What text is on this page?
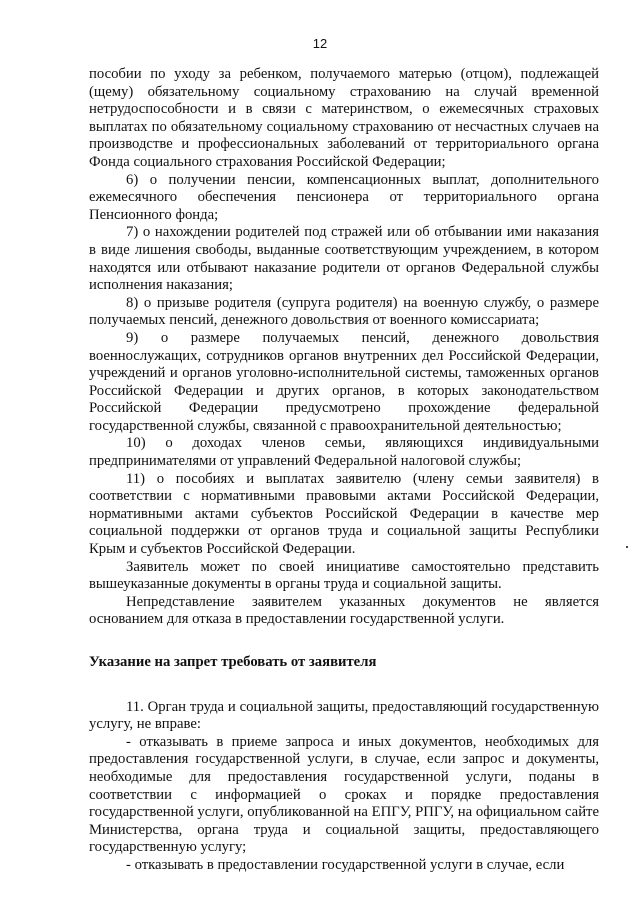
12

пособии по уходу за ребенком, получаемого матерью (отцом), подлежащей (щему) обязательному социальному страхованию на случай временной нетрудоспособности и в связи с материнством, о ежемесячных страховых выплатах по обязательному социальному страхованию от несчастных случаев на производстве и профессиональных заболеваний от территориального органа Фонда социального страхования Российской Федерации;

6) о получении пенсии, компенсационных выплат, дополнительного ежемесячного обеспечения пенсионера от территориального органа Пенсионного фонда;

7) о нахождении родителей под стражей или об отбывании ими наказания в виде лишения свободы, выданные соответствующим учреждением, в котором находятся или отбывают наказание родители от органов Федеральной службы исполнения наказания;

8) о призыве родителя (супруга родителя) на военную службу, о размере получаемых пенсий, денежного довольствия от военного комиссариата;

9) о размере получаемых пенсий, денежного довольствия военнослужащих, сотрудников органов внутренних дел Российской Федерации, учреждений и органов уголовно-исполнительной системы, таможенных органов Российской Федерации и других органов, в которых законодательством Российской Федерации предусмотрено прохождение федеральной государственной службы, связанной с правоохранительной деятельностью;

10) о доходах членов семьи, являющихся индивидуальными предпринимателями от управлений Федеральной налоговой службы;

11) о пособиях и выплатах заявителю (члену семьи заявителя) в соответствии с нормативными правовыми актами Российской Федерации, нормативными актами субъектов Российской Федерации в качестве мер социальной поддержки от органов труда и социальной защиты Республики Крым и субъектов Российской Федерации.

Заявитель может по своей инициативе самостоятельно представить вышеуказанные документы в органы труда и социальной защиты.

Непредставление заявителем указанных документов не является основанием для отказа в предоставлении государственной услуги.

Указание на запрет требовать от заявителя

11. Орган труда и социальной защиты, предоставляющий государственную услугу, не вправе:

- отказывать в приеме запроса и иных документов, необходимых для предоставления государственной услуги, в случае, если запрос и документы, необходимые для предоставления государственной услуги, поданы в соответствии с информацией о сроках и порядке предоставления государственной услуги, опубликованной на ЕПГУ, РПГУ, на официальном сайте Министерства, органа труда и социальной защиты, предоставляющего государственную услугу;

- отказывать в предоставлении государственной услуги в случае, если
